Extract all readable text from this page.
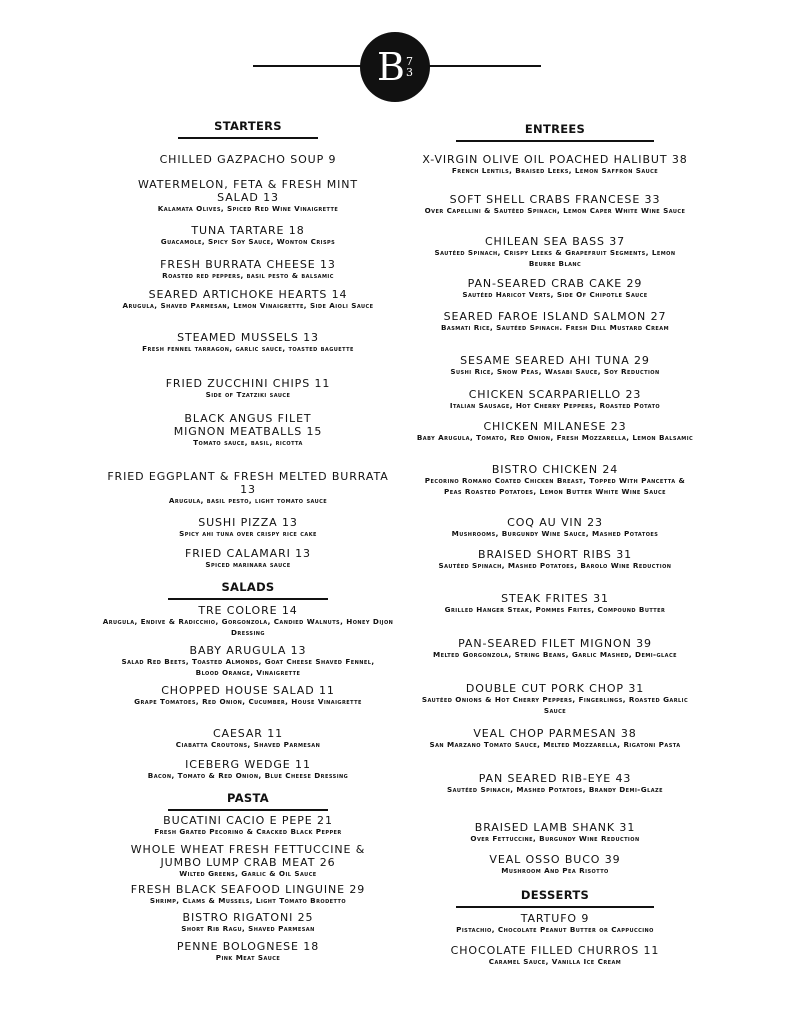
B 7
3
STARTERS
CHILLED GAZPACHO SOUP 9
WATERMELON, FETA & FRESH MINT SALAD 13
Kalamata Olives, Spiced Red Wine Vinaigrette
TUNA TARTARE 18
Guacamole, Spicy Soy Sauce, Wonton Crisps
FRESH BURRATA CHEESE 13
Roasted red peppers, basil pesto & balsamic
SEARED ARTICHOKE HEARTS 14
Arugula, Shaved Parmesan, Lemon Vinaigrette, Side Aioli Sauce
STEAMED MUSSELS 13
Fresh fennel tarragon, garlic sauce, toasted baguette
FRIED ZUCCHINI CHIPS 11
Side of Tzatziki sauce
BLACK ANGUS FILET MIGNON MEATBALLS 15
Tomato sauce, basil, ricotta
FRIED EGGPLANT & FRESH MELTED BURRATA 13
Arugula, basil pesto, light tomato sauce
SUSHI PIZZA 13
Spicy ahi tuna over crispy rice cake
FRIED CALAMARI 13
Spiced marinara sauce
SALADS
TRE COLORE 14
Arugula, Endive & Radicchio, Gorgonzola, Candied Walnuts, Honey Dijon Dressing
BABY ARUGULA 13
Salad Red Beets, Toasted Almonds, Goat Cheese Shaved Fennel, Blood Orange, Vinaigrette
CHOPPED HOUSE SALAD 11
Grape Tomatoes, Red Onion, Cucumber, House Vinaigrette
CAESAR 11
Ciabatta Croutons, Shaved Parmesan
ICEBERG WEDGE 11
Bacon, Tomato & Red Onion, Blue Cheese Dressing
PASTA
BUCATINI CACIO E PEPE 21
Fresh Grated Pecorino & Cracked Black Pepper
WHOLE WHEAT FRESH FETTUCCINE & JUMBO LUMP CRAB MEAT 26
Wilted Greens, Garlic & Oil Sauce
FRESH BLACK SEAFOOD LINGUINE 29
Shrimp, Clams & Mussels, Light Tomato Brodetto
BISTRO RIGATONI 25
Short Rib Ragu, Shaved Parmesan
PENNE BOLOGNESE 18
Pink Meat Sauce
ENTREES
X-VIRGIN OLIVE OIL POACHED HALIBUT 38
French Lentils, Braised Leeks, Lemon Saffron Sauce
SOFT SHELL CRABS FRANCESE 33
Over Capellini & Sautéed Spinach, Lemon Caper White Wine Sauce
CHILEAN SEA BASS 37
Sautéed Spinach, Crispy Leeks & Grapefruit Segments, Lemon Beurre Blanc
PAN-SEARED CRAB CAKE 29
Sautéed Haricot Verts, Side Of Chipotle Sauce
SEARED FAROE ISLAND SALMON 27
Basmati Rice, Sautéed Spinach. Fresh Dill Mustard Cream
SESAME SEARED AHI TUNA 29
Sushi Rice, Snow Peas, Wasabi Sauce, Soy Reduction
CHICKEN SCARPARIELLO 23
Italian Sausage, Hot Cherry Peppers, Roasted Potato
CHICKEN MILANESE 23
Baby Arugula, Tomato, Red Onion, Fresh Mozzarella, Lemon Balsamic
BISTRO CHICKEN 24
Pecorino Romano Coated Chicken Breast, Topped With Pancetta & Peas Roasted Potatoes, Lemon Butter White Wine Sauce
COQ AU VIN 23
Mushrooms, Burgundy Wine Sauce, Mashed Potatoes
BRAISED SHORT RIBS 31
Sautéed Spinach, Mashed Potatoes, Barolo Wine Reduction
STEAK FRITES 31
Grilled Hanger Steak, Pommes Frites, Compound Butter
PAN-SEARED FILET MIGNON 39
Melted Gorgonzola, String Beans, Garlic Mashed, Demi-glace
DOUBLE CUT PORK CHOP 31
Sautéed Onions & Hot Cherry Peppers, Fingerlings, Roasted Garlic Sauce
VEAL CHOP PARMESAN 38
San Marzano Tomato Sauce, Melted Mozzarella, Rigatoni Pasta
PAN SEARED RIB-EYE 43
Sautéed Spinach, Mashed Potatoes, Brandy Demi-Glaze
BRAISED LAMB SHANK 31
Over Fettuccine, Burgundy Wine Reduction
VEAL OSSO BUCO 39
Mushroom And Pea Risotto
DESSERTS
TARTUFO 9
Pistachio, Chocolate Peanut Butter or Cappuccino
CHOCOLATE FILLED CHURROS 11
Caramel Sauce, Vanilla Ice Cream
